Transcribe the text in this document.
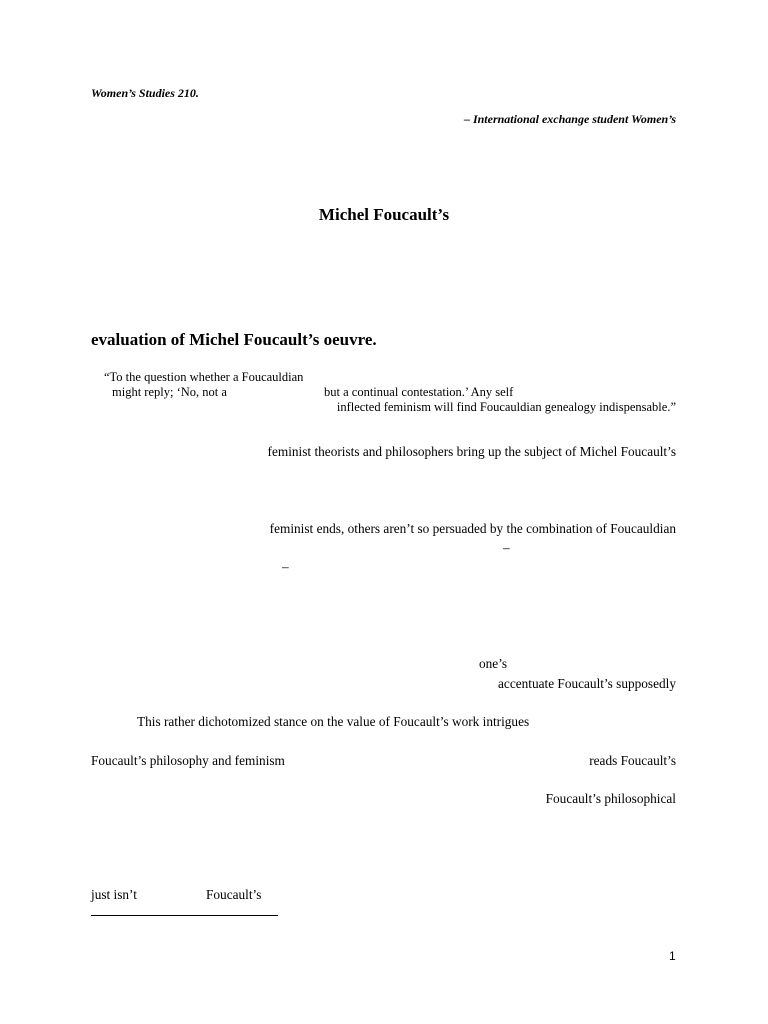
Women’s Studies 210.
– International exchange student Women’s
Michel Foucault’s
evaluation of Michel Foucault’s oeuvre.
“To the question whether a Foucauldian
might reply; ‘No, not a	but a continual contestation.’ Any self
inflected feminism will find Foucauldian genealogy indispensable.”
feminist theorists and philosophers bring up the subject of Michel Foucault’s
feminist ends, others aren’t so persuaded by the combination of Foucauldian
–
–
one’s
accentuate Foucault’s supposedly
This rather dichotomized stance on the value of Foucault’s work intrigues
Foucault’s philosophy and feminism	reads Foucault’s
Foucault’s philosophical
just isn’t	Foucault’s
1
